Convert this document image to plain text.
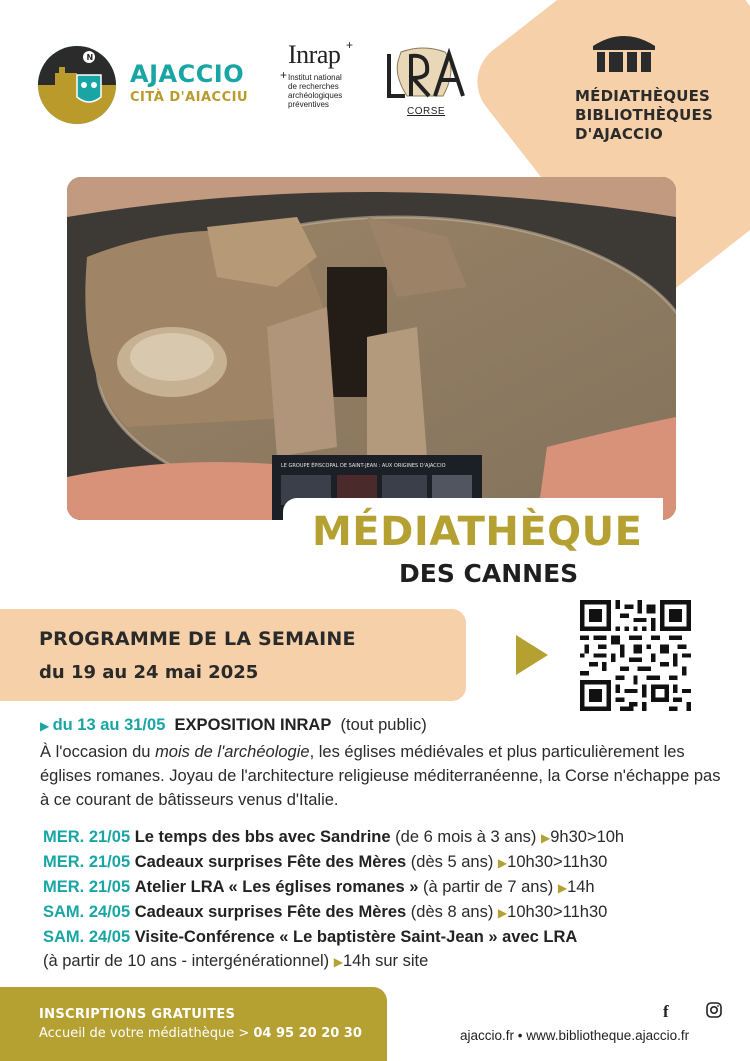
MÉDIATHÈQUES
BIBLIOTHÈQUES
D'AJACCIO
N
AJACCIO
CITÀ D'AIACCIU
+
Inrap +
Institut national
de recherches
archéologiques
préventives
CORSE
LE GROUPE ÉPISCOPAL DE SAINT-JEAN : AUX ORIGINES D'AJACCIO
MÉDIATHÈQUE
DES CANNES
PROGRAMME DE LA SEMAINE
du 19 au 24 mai 2025
▶ du 13 au 31/05 EXPOSITION INRAP (tout public)
À l'occasion du mois de l'archéologie, les églises médiévales et plus particulièrement les églises romanes. Joyau de l'architecture religieuse méditerranéenne, la Corse n'échappe pas à ce courant de bâtisseurs venus d'Italie.
MER. 21/05 Le temps des bbs avec Sandrine (de 6 mois à 3 ans) ▶9h30>10h
MER. 21/05 Cadeaux surprises Fête des Mères (dès 5 ans) ▶10h30>11h30
MER. 21/05 Atelier LRA « Les églises romanes » (à partir de 7 ans) ▶14h
SAM. 24/05 Cadeaux surprises Fête des Mères (dès 8 ans) ▶10h30>11h30
SAM. 24/05 Visite-Conférence « Le baptistère Saint-Jean » avec LRA
(à partir de 10 ans - intergénérationnel) ▶14h sur site
INSCRIPTIONS GRATUITES
Accueil de votre médiathèque > 04 95 20 20 30
f
ajaccio.fr • www.bibliotheque.ajaccio.fr
